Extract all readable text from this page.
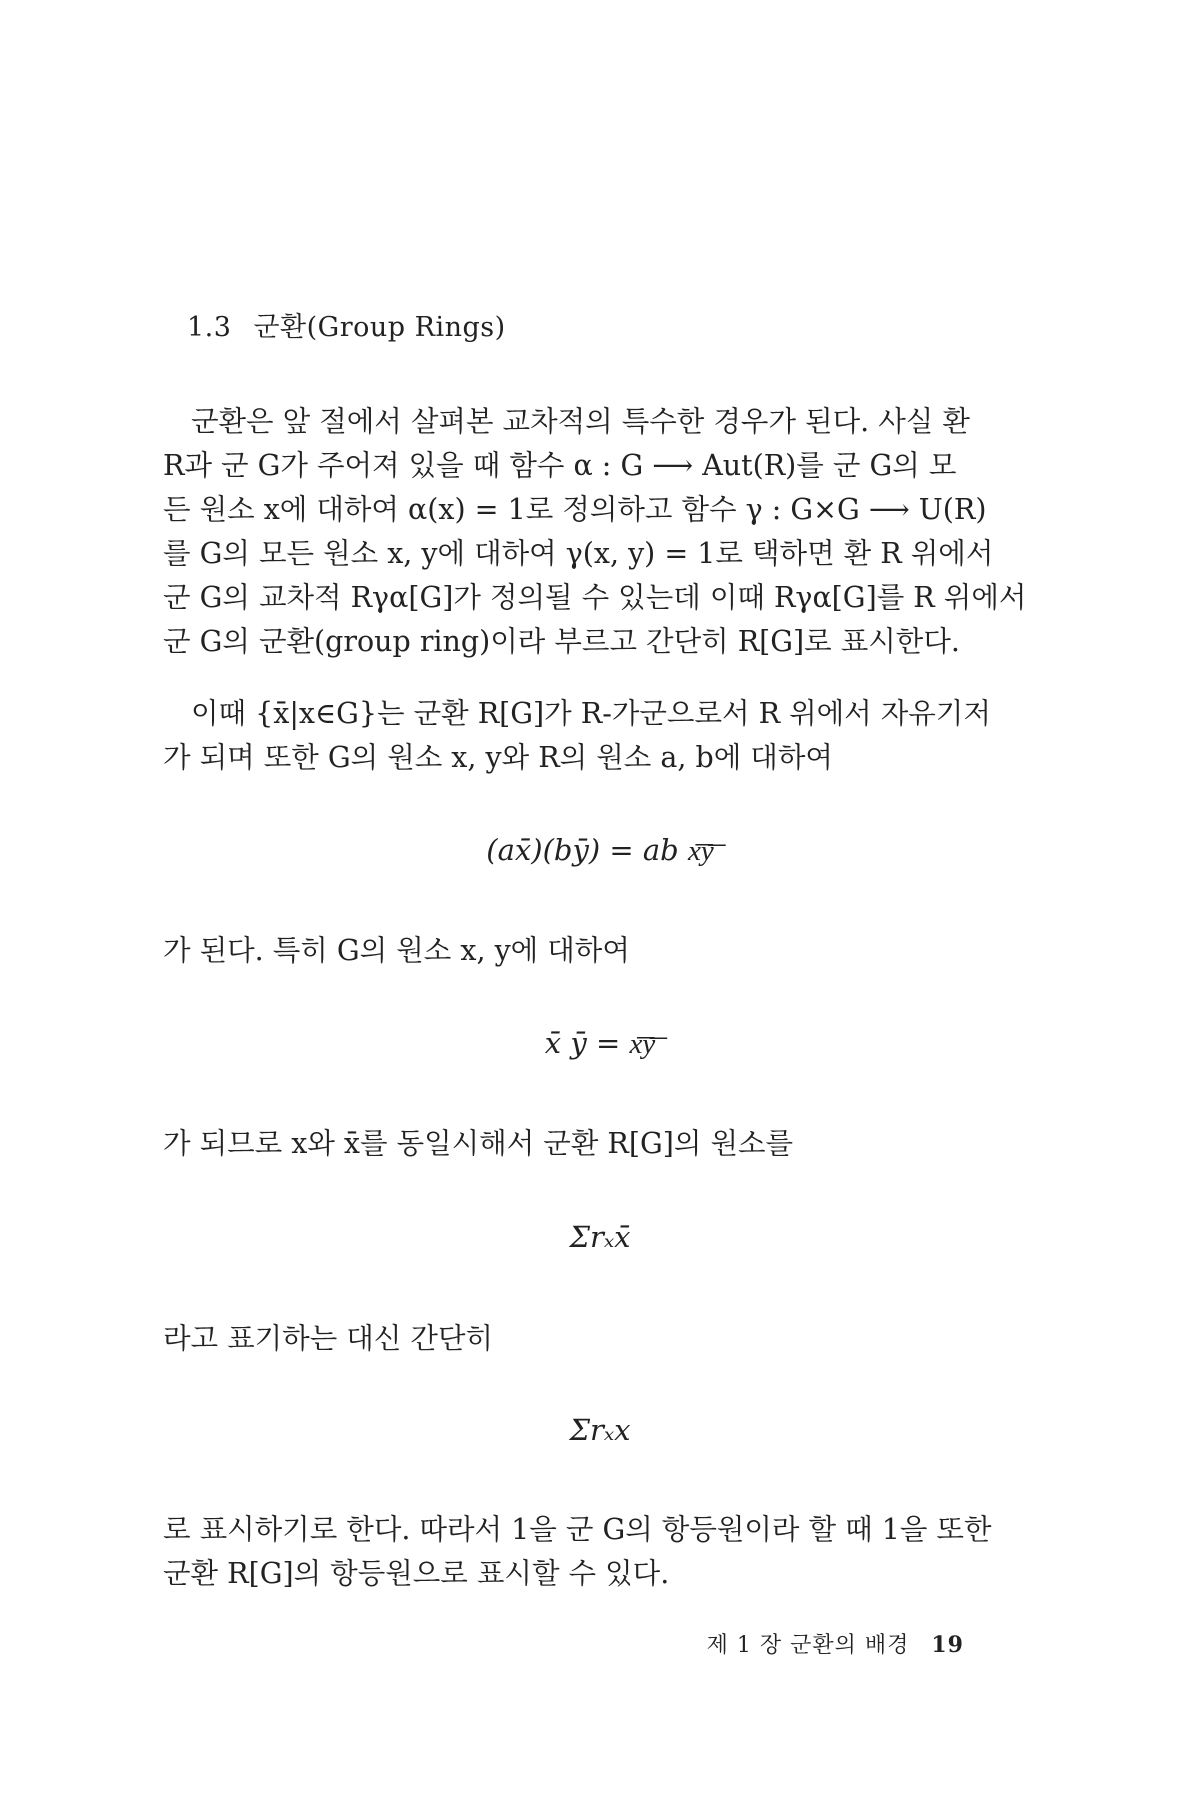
1.3 군환(Group Rings)

군환은 앞 절에서 살펴본 교차적의 특수한 경우가 된다. 사실 환

R과 군 G가 주어져 있을 때 함수 α : G ⟶ Aut(R)를 군 G의 모

든 원소 x에 대하여 α(x) = 1로 정의하고 함수 γ : G×G ⟶ U(R)

를 G의 모든 원소 x, y에 대하여 γ(x, y) = 1로 택하면 환 R 위에서

군 G의 교차적 Rγα[G]가 정의될 수 있는데 이때 Rγα[G]를 R 위에서

군 G의 군환(group ring)이라 부르고 간단히 R[G]로 표시한다.

이때 {x̄|x∈G}는 군환 R[G]가 R-가군으로서 R 위에서 자유기저

가 되며 또한 G의 원소 x, y와 R의 원소 a, b에 대하여

(ax̄)(bȳ) = ab x͞y͞
가 된다. 특히 G의 원소 x, y에 대하여
x̄ ȳ = x͞y͞
가 되므로 x와 x̄를 동일시해서 군환 R[G]의 원소를
Σrₓx̄
라고 표기하는 대신 간단히
Σrₓx

로 표시하기로 한다. 따라서 1을 군 G의 항등원이라 할 때 1을 또한

군환 R[G]의 항등원으로 표시할 수 있다.

제 1 장 군환의 배경 19
